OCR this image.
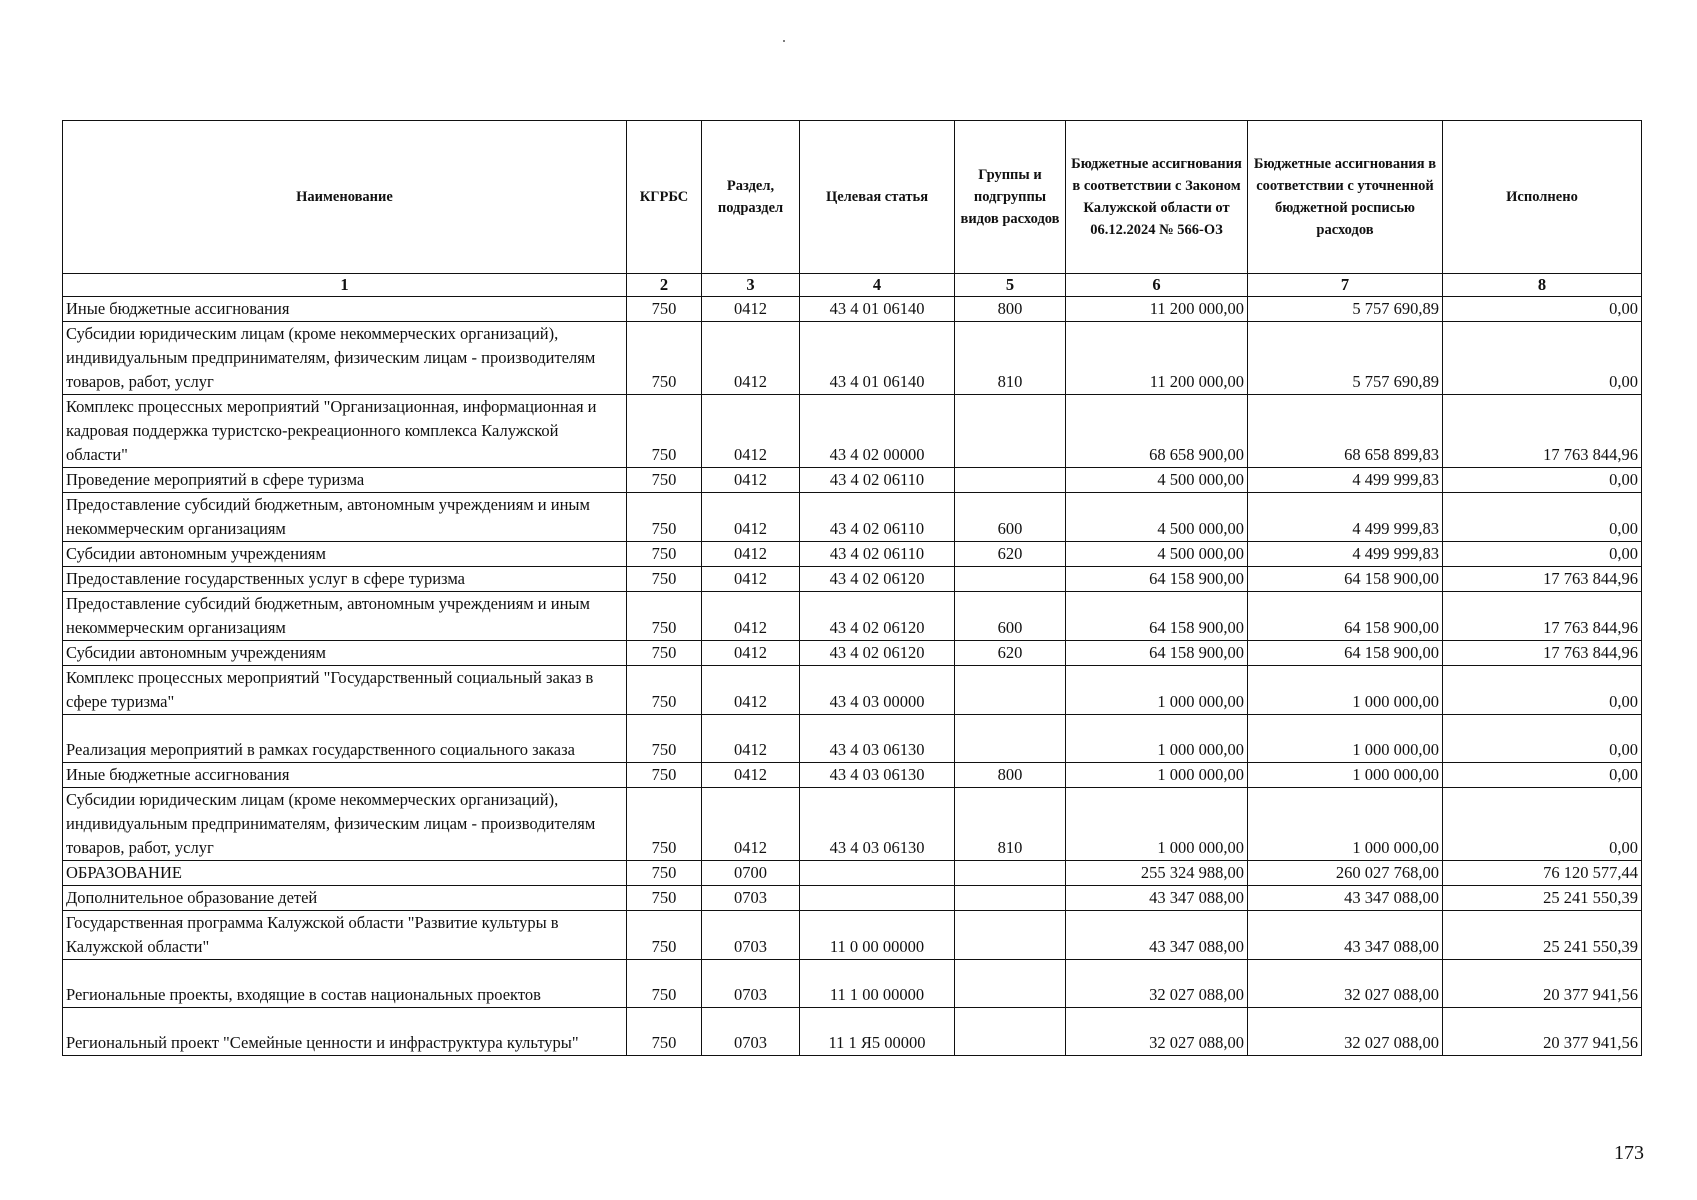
Наименование	КГРБС	Раздел, подраздел	Целевая статья	Группы и подгруппы видов расходов	Бюджетные ассигнования в соответствии с Законом Калужской области от 06.12.2024 № 566-ОЗ	Бюджетные ассигнования в соответствии с уточненной бюджетной росписью расходов	Исполнено
1	2	3	4	5	6	7	8
Иные бюджетные ассигнования	750	0412	43 4 01 06140	800	11 200 000,00	5 757 690,89	0,00
Субсидии юридическим лицам (кроме некоммерческих организаций), индивидуальным предпринимателям, физическим лицам - производителям товаров, работ, услуг	750	0412	43 4 01 06140	810	11 200 000,00	5 757 690,89	0,00
Комплекс процессных мероприятий "Организационная, информационная и кадровая поддержка туристско-рекреационного комплекса Калужской области"	750	0412	43 4 02 00000		68 658 900,00	68 658 899,83	17 763 844,96
Проведение мероприятий в сфере туризма	750	0412	43 4 02 06110		4 500 000,00	4 499 999,83	0,00
Предоставление субсидий бюджетным, автономным учреждениям и иным некоммерческим организациям	750	0412	43 4 02 06110	600	4 500 000,00	4 499 999,83	0,00
Субсидии автономным учреждениям	750	0412	43 4 02 06110	620	4 500 000,00	4 499 999,83	0,00
Предоставление государственных услуг в сфере туризма	750	0412	43 4 02 06120		64 158 900,00	64 158 900,00	17 763 844,96
Предоставление субсидий бюджетным, автономным учреждениям и иным некоммерческим организациям	750	0412	43 4 02 06120	600	64 158 900,00	64 158 900,00	17 763 844,96
Субсидии автономным учреждениям	750	0412	43 4 02 06120	620	64 158 900,00	64 158 900,00	17 763 844,96
Комплекс процессных мероприятий "Государственный социальный заказ в сфере туризма"	750	0412	43 4 03 00000		1 000 000,00	1 000 000,00	0,00
Реализация мероприятий в рамках государственного социального заказа	750	0412	43 4 03 06130		1 000 000,00	1 000 000,00	0,00
Иные бюджетные ассигнования	750	0412	43 4 03 06130	800	1 000 000,00	1 000 000,00	0,00
Субсидии юридическим лицам (кроме некоммерческих организаций), индивидуальным предпринимателям, физическим лицам - производителям товаров, работ, услуг	750	0412	43 4 03 06130	810	1 000 000,00	1 000 000,00	0,00
ОБРАЗОВАНИЕ	750	0700			255 324 988,00	260 027 768,00	76 120 577,44
Дополнительное образование детей	750	0703			43 347 088,00	43 347 088,00	25 241 550,39
Государственная программа Калужской области "Развитие культуры в Калужской области"	750	0703	11 0 00 00000		43 347 088,00	43 347 088,00	25 241 550,39
Региональные проекты, входящие в состав национальных проектов	750	0703	11 1 00 00000		32 027 088,00	32 027 088,00	20 377 941,56
Региональный проект "Семейные ценности и инфраструктура культуры"	750	0703	11 1 Я5 00000		32 027 088,00	32 027 088,00	20 377 941,56
173
